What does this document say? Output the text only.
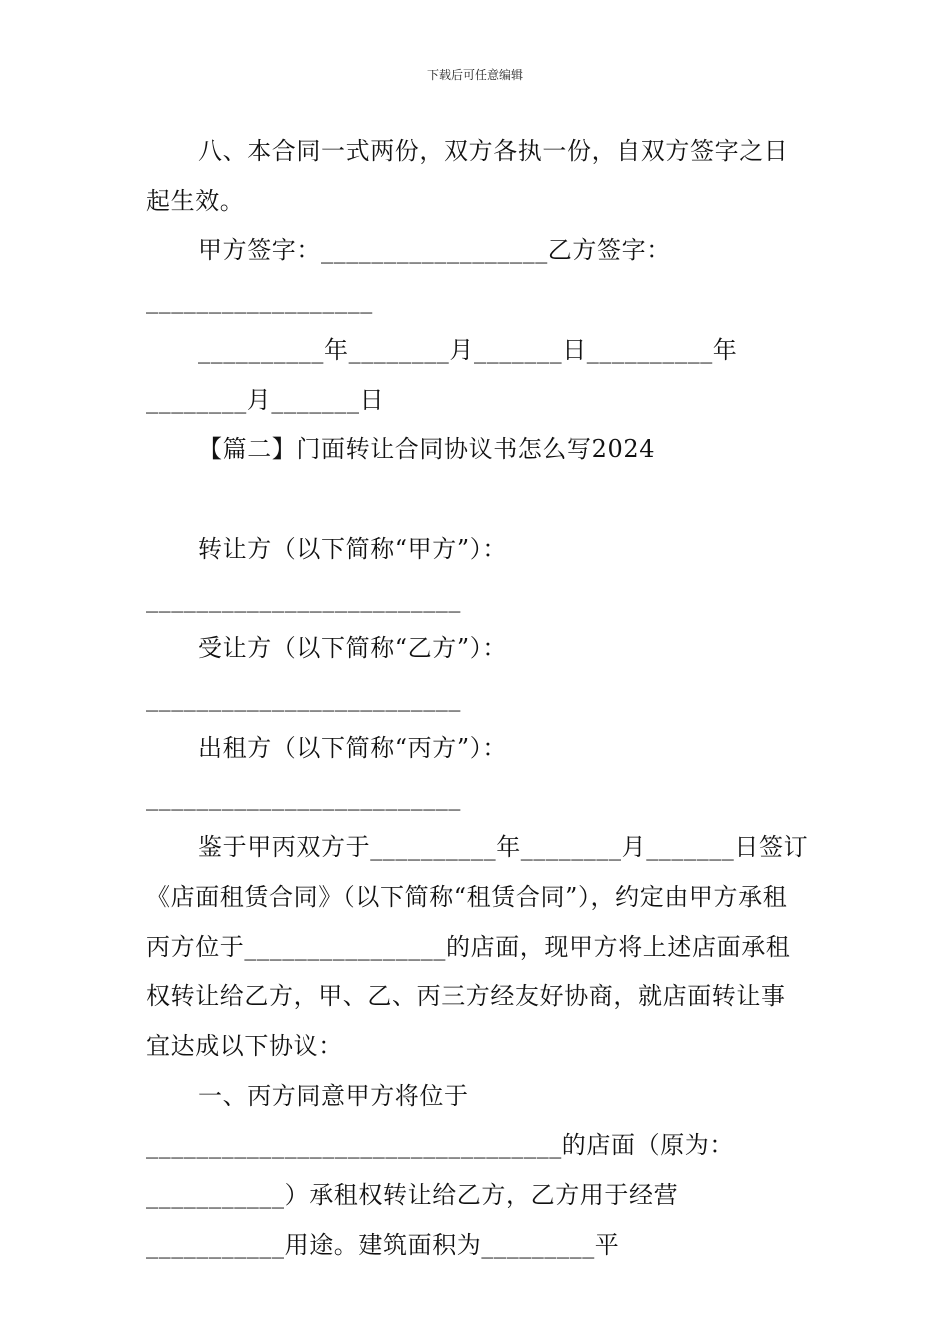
下载后可任意编辑

八、本合同一式两份，双方各执一份，自双方签字之日起生效。

甲方签字：__________________乙方签字：__________________

__________年________月_______日__________年________月_______日

【篇二】门面转让合同协议书怎么写2024

转让方（以下简称“甲方”）：_________________________

受让方（以下简称“乙方”）：_________________________

出租方（以下简称“丙方”）：_________________________

鉴于甲丙双方于__________年________月_______日签订《店面租赁合同》（以下简称“租赁合同”），约定由甲方承租丙方位于________________的店面，现甲方将上述店面承租权转让给乙方，甲、乙、丙三方经友好协商，就店面转让事宜达成以下协议：

一、丙方同意甲方将位于_________________________________的店面（原为：___________）承租权转让给乙方，乙方用于经营___________用途。建筑面积为_________平
